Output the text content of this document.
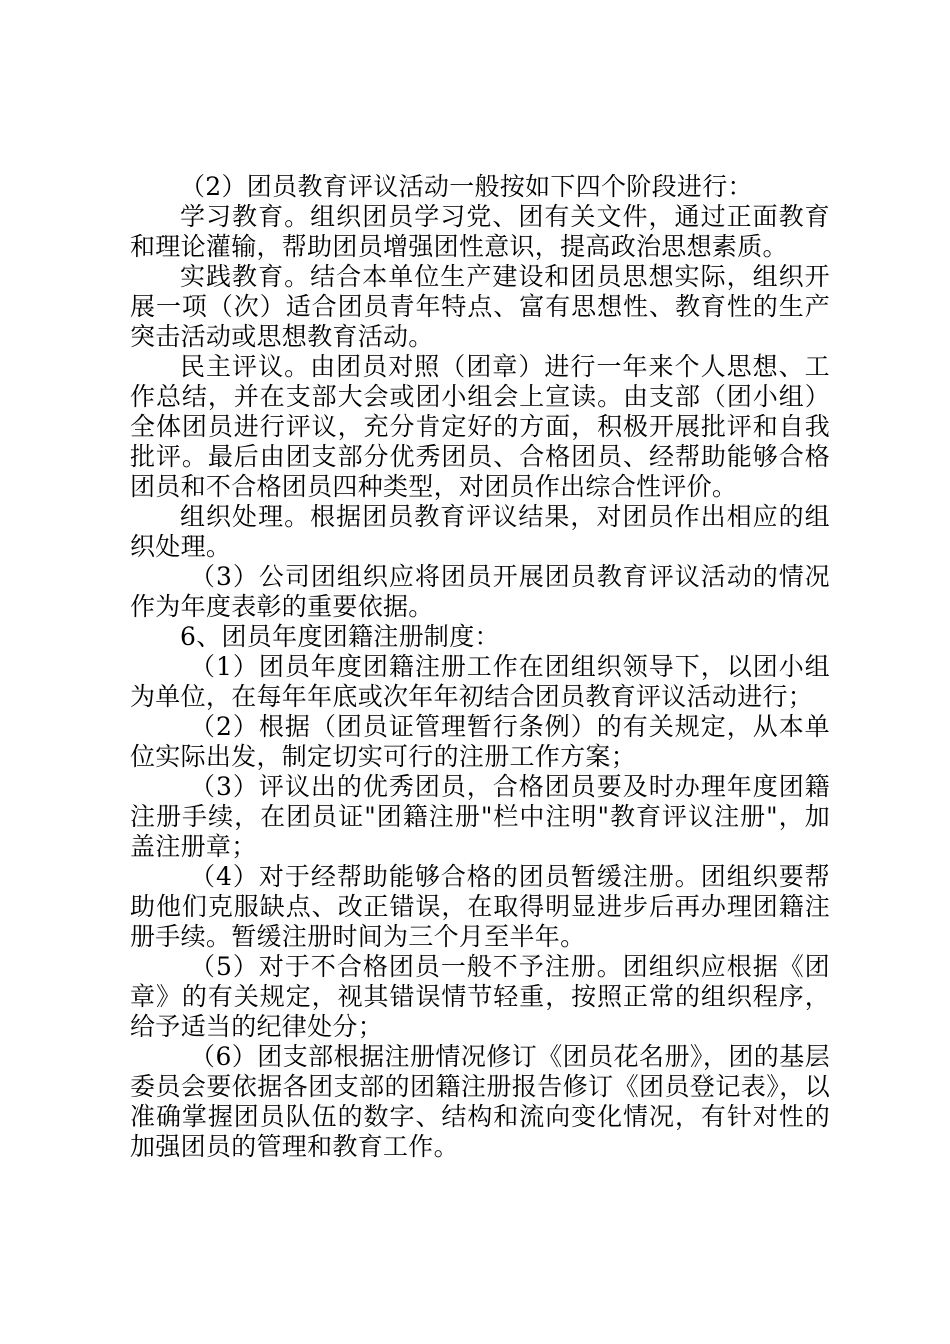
（2）团员教育评议活动一般按如下四个阶段进行：

学习教育。组织团员学习党、团有关文件，通过正面教育和理论灌输，帮助团员增强团性意识，提高政治思想素质。

实践教育。结合本单位生产建设和团员思想实际，组织开展一项（次）适合团员青年特点、富有思想性、教育性的生产突击活动或思想教育活动。

民主评议。由团员对照（团章）进行一年来个人思想、工作总结，并在支部大会或团小组会上宣读。由支部（团小组）全体团员进行评议，充分肯定好的方面，积极开展批评和自我批评。最后由团支部分优秀团员、合格团员、经帮助能够合格团员和不合格团员四种类型，对团员作出综合性评价。

组织处理。根据团员教育评议结果，对团员作出相应的组织处理。

（3）公司团组织应将团员开展团员教育评议活动的情况作为年度表彰的重要依据。

6、团员年度团籍注册制度：

（1）团员年度团籍注册工作在团组织领导下，以团小组为单位，在每年年底或次年年初结合团员教育评议活动进行；

（2）根据（团员证管理暂行条例）的有关规定，从本单位实际出发，制定切实可行的注册工作方案；

（3）评议出的优秀团员，合格团员要及时办理年度团籍注册手续，在团员证"团籍注册"栏中注明"教育评议注册"，加盖注册章；

（4）对于经帮助能够合格的团员暂缓注册。团组织要帮助他们克服缺点、改正错误，在取得明显进步后再办理团籍注册手续。暂缓注册时间为三个月至半年。

（5）对于不合格团员一般不予注册。团组织应根据《团章》的有关规定，视其错误情节轻重，按照正常的组织程序，给予适当的纪律处分；

（6）团支部根据注册情况修订《团员花名册》，团的基层委员会要依据各团支部的团籍注册报告修订《团员登记表》，以准确掌握团员队伍的数字、结构和流向变化情况，有针对性的加强团员的管理和教育工作。
